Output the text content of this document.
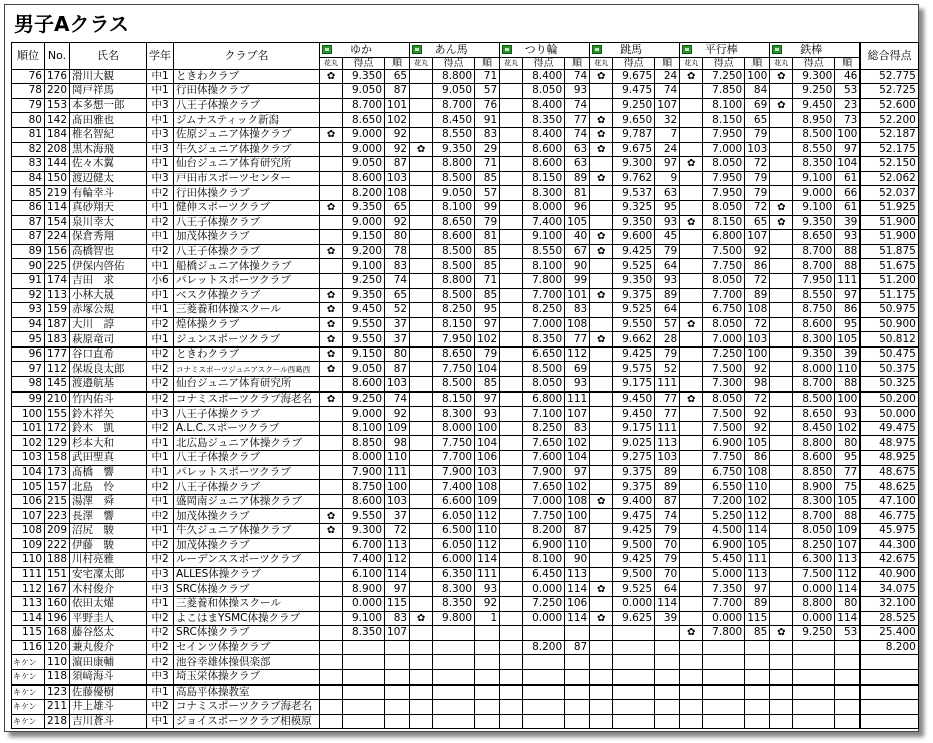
男子Aクラス
順位	No.	氏名	学年	クラブ名	ゆか			あん馬			つり輪			跳馬			平行棒			鉄棒			総合得点
					花丸	得点	順	花丸	得点	順	花丸	得点	順	花丸	得点	順	花丸	得点	順	花丸	得点	順	
76	176	滑川大観	中1	ときわクラブ	✿	9.350	65		8.800	71		8.400	74	✿	9.675	24	✿	7.250	100	✿	9.300	46	52.775
78	220	岡戸祥馬	中1	行田体操クラブ		9.050	87		9.050	57		8.050	93		9.475	74		7.850	84		9.250	53	52.725
79	153	本多想一郎	中3	八王子体操クラブ		8.700	101		8.700	76		8.400	74		9.250	107		8.100	69	✿	9.450	23	52.600
80	142	髙田雅也	中1	ジムナスティック新潟		8.650	102		8.450	91		8.350	77	✿	9.650	32		8.150	65		8.950	73	52.200
81	184	椎名智紀	中3	佐原ジュニア体操クラブ	✿	9.000	92		8.550	83		8.400	74	✿	9.787	7		7.950	79		8.500	100	52.187
82	208	黒木海飛	中3	牛久ジュニア体操クラブ		9.000	92	✿	9.350	29		8.600	63	✿	9.675	24		7.000	103		8.550	97	52.175
83	144	佐々木翼	中1	仙台ジュニア体育研究所		9.050	87		8.800	71		8.600	63		9.300	97	✿	8.050	72		8.350	104	52.150
84	150	渡辺健太	中3	戸田市スポーツセンター		8.600	103		8.500	85		8.150	89	✿	9.762	9		7.950	79		9.100	61	52.062
85	219	有輪幸斗	中2	行田体操クラブ		8.200	108		9.050	57		8.300	81		9.537	63		7.950	79		9.000	66	52.037
86	114	真砂翔天	中1	健伸スポーツクラブ	✿	9.350	65		8.100	99		8.000	96		9.325	95		8.050	72	✿	9.100	61	51.925
87	154	泉川幸大	中2	八王子体操クラブ		9.000	92		8.650	79		7.400	105		9.350	93	✿	8.150	65	✿	9.350	39	51.900
87	224	保倉秀翔	中1	加茂体操クラブ		9.150	80		8.600	81		9.100	40	✿	9.600	45		6.800	107		8.650	93	51.900
89	156	高橋智也	中2	八王子体操クラブ	✿	9.200	78		8.500	85		8.550	67	✿	9.425	79		7.500	92		8.700	88	51.875
90	225	伊保内啓佑	中1	船橋ジュニア体操クラブ		9.100	83		8.500	85		8.100	90		9.525	64		7.750	86		8.700	88	51.675
91	174	吉田　求	小6	パレットスポーツクラブ		9.250	74		8.800	71		7.800	99		9.350	93		8.050	72		7.950	111	51.200
92	113	小林大晟	中1	ベスク体操クラブ	✿	9.350	65		8.500	85		7.700	101	✿	9.375	89		7.700	89		8.550	97	51.175
93	159	赤塚公規	中1	三菱養和体操スクール	✿	9.450	52		8.250	95		8.250	83		9.525	64		6.750	108		8.750	86	50.975
94	187	大川　諄	中2	煌体操クラブ	✿	9.550	37		8.150	97		7.000	108		9.550	57	✿	8.050	72		8.600	95	50.900
95	183	萩原竜司	中1	ジュンスポーツクラブ	✿	9.550	37		7.950	102		8.350	77	✿	9.662	28		7.000	103		8.300	105	50.812
96	177	谷口直希	中2	ときわクラブ	✿	9.150	80		8.650	79		6.650	112		9.425	79		7.250	100		9.350	39	50.475
97	112	保坂良太郎	中2	コナミスポーツジュニアスクール西葛西	✿	9.050	87		7.750	104		8.500	69		9.575	52		7.500	92		8.000	110	50.375
98	145	渡邉航基	中2	仙台ジュニア体育研究所		8.600	103		8.500	85		8.050	93		9.175	111		7.300	98		8.700	88	50.325
99	210	竹内佑斗	中2	コナミスポーツクラブ海老名	✿	9.250	74		8.150	97		6.800	111		9.450	77	✿	8.050	72		8.500	100	50.200
100	155	鈴木祥矢	中3	八王子体操クラブ		9.000	92		8.300	93		7.100	107		9.450	77		7.500	92		8.650	93	50.000
101	172	鈴木　凱	中2	A.L.C.スポーツクラブ		8.100	109		8.000	100		8.250	83		9.175	111		7.500	92		8.450	102	49.475
102	129	杉本大和	中1	北広島ジュニア体操クラブ		8.850	98		7.750	104		7.650	102		9.025	113		6.900	105		8.800	80	48.975
103	158	武田聖真	中1	八王子体操クラブ		8.000	110		7.700	106		7.600	104		9.275	103		7.750	86		8.600	95	48.925
104	173	髙橋　響	中1	パレットスポーツクラブ		7.900	111		7.900	103		7.900	97		9.375	89		6.750	108		8.850	77	48.675
105	157	北島　怜	中2	八王子体操クラブ		8.750	100		7.400	108		7.650	102		9.375	89		6.550	110		8.900	75	48.625
106	215	湯澤　舜	中1	盛岡南ジュニア体操クラブ		8.600	103		6.600	109		7.000	108	✿	9.400	87		7.200	102		8.300	105	47.100
107	223	長澤　響	中2	加茂体操クラブ	✿	9.550	37		6.050	112		7.750	100		9.475	74		5.250	112		8.700	88	46.775
108	209	沼尻　駿	中1	牛久ジュニア体操クラブ	✿	9.300	72		6.500	110		8.200	87		9.425	79		4.500	114		8.050	109	45.975
109	222	伊藤　駿	中2	加茂体操クラブ		6.700	113		6.050	112		6.900	110		9.500	70		6.900	105		8.250	107	44.300
110	188	川村亮雅	中2	ルーデンススポーツクラブ		7.400	112		6.000	114		8.100	90		9.425	79		5.450	111		6.300	113	42.675
111	151	安宅凜太郎	中3	ALLES体操クラブ		6.100	114		6.350	111		6.450	113		9.500	70		5.000	113		7.500	112	40.900
112	167	木村俊介	中3	SRC体操クラブ		8.900	97		8.300	93		0.000	114	✿	9.525	64		7.350	97		0.000	114	34.075
113	160	依田太燿	中1	三菱養和体操スクール		0.000	115		8.350	92		7.250	106		0.000	114		7.700	89		8.800	80	32.100
114	196	平野圭人	中2	よこはまYSMC体操クラブ		9.100	83	✿	9.800	1		0.000	114	✿	9.625	39		0.000	115		0.000	114	28.525
115	168	藤谷悠太	中2	SRC体操クラブ		8.350	107										✿	7.800	85	✿	9.250	53	25.400
116	120	兼丸俊介	中2	セインツ体操クラブ								8.200	87										8.200
キケン	110	濵田康輔	中2	池谷幸雄体操倶楽部																			
キケン	118	須﨑海斗	中3	埼玉栄体操クラブ																			
キケン	123	佐藤優樹	中1	高島平体操教室																			
キケン	211	井上雄斗	中2	コナミスポーツクラブ海老名																			
キケン	218	吉川蒼斗	中1	ジョイスポーツクラブ相模原																			
